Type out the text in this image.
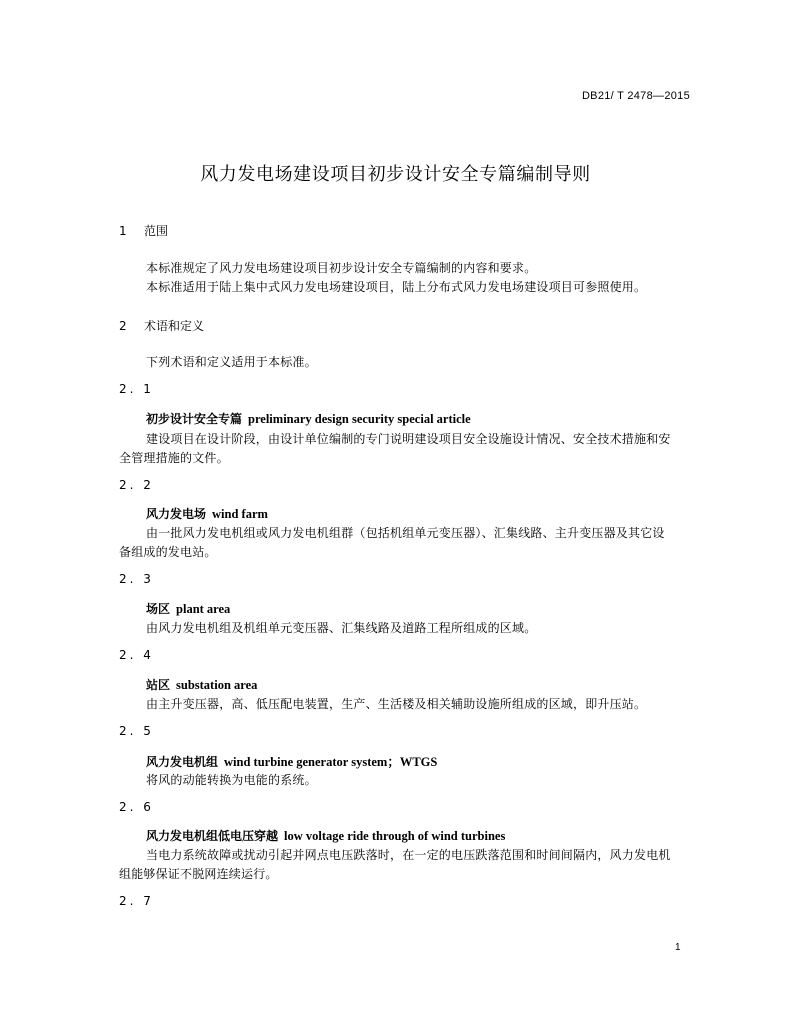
DB21/ T 2478—2015
风力发电场建设项目初步设计安全专篇编制导则
1 范围
本标准规定了风力发电场建设项目初步设计安全专篇编制的内容和要求。
本标准适用于陆上集中式风力发电场建设项目，陆上分布式风力发电场建设项目可参照使用。
2 术语和定义
下列术语和定义适用于本标准。
2. 1
初步设计安全专篇 preliminary design security special article
建设项目在设计阶段，由设计单位编制的专门说明建设项目安全设施设计情况、安全技术措施和安
全管理措施的文件。
2. 2
风力发电场 wind farm
由一批风力发电机组或风力发电机组群（包括机组单元变压器）、汇集线路、主升变压器及其它设
备组成的发电站。
2. 3
场区 plant area
由风力发电机组及机组单元变压器、汇集线路及道路工程所组成的区域。
2. 4
站区 substation area
由主升变压器，高、低压配电装置，生产、生活楼及相关辅助设施所组成的区域，即升压站。
2. 5
风力发电机组 wind turbine generator system；WTGS
将风的动能转换为电能的系统。
2. 6
风力发电机组低电压穿越 low voltage ride through of wind turbines
当电力系统故障或扰动引起并网点电压跌落时，在一定的电压跌落范围和时间间隔内，风力发电机
组能够保证不脱网连续运行。
2. 7
1
